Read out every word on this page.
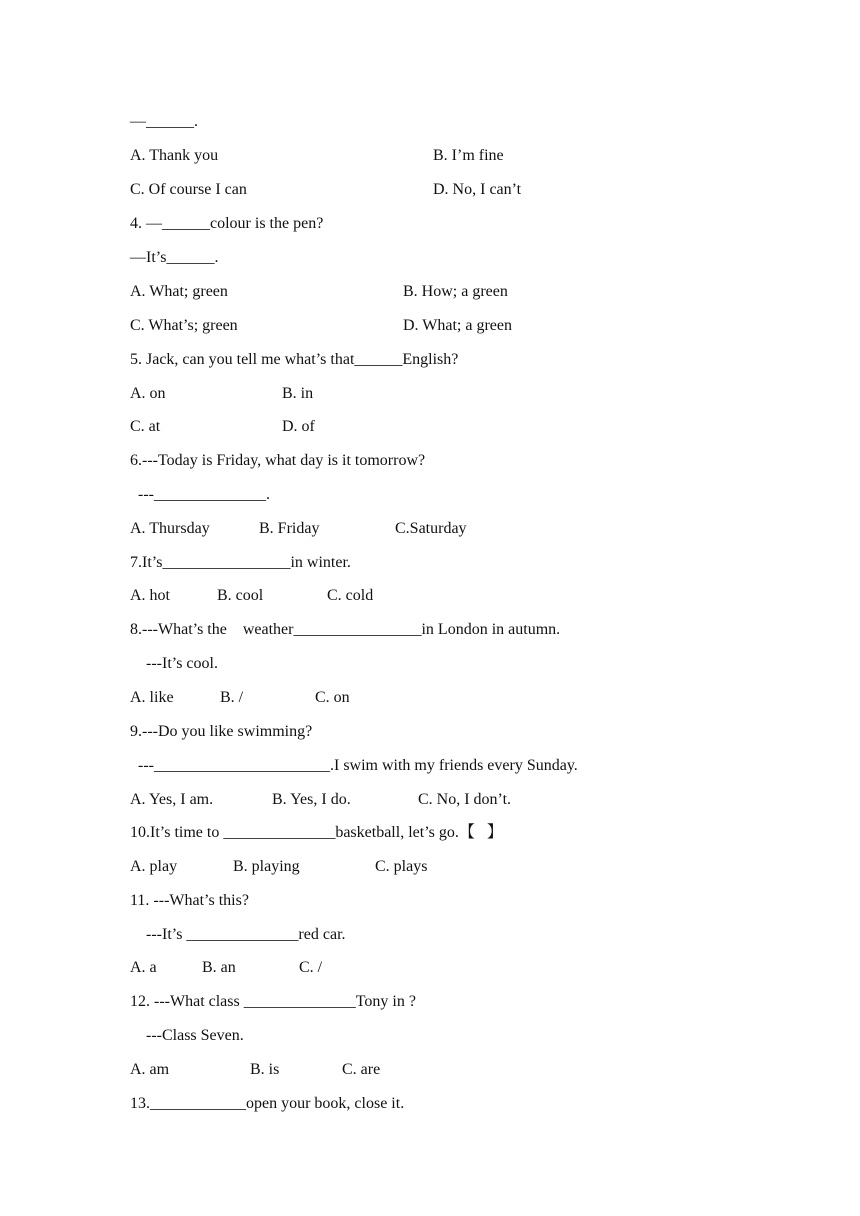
—______.
A. Thank you	B. I’m fine
C. Of course I can	D. No, I can’t
4. —______colour is the pen?
—It’s______.
A. What; green	B. How; a green
C. What’s; green	D. What; a green
5. Jack, can you tell me what’s that______English?
A. on	B. in
C. at	D. of
6.---Today is Friday, what day is it tomorrow?
---______________.
A. Thursday	B. Friday	C.Saturday
7.It’s________________in winter.
A. hot	B. cool	C. cold
8.---What’s the    weather________________in London in autumn.
---It’s cool.
A. like	B. /	C. on
9.---Do you like swimming?
---______________________.I swim with my friends every Sunday.
A. Yes, I am.	B. Yes, I do.	C. No, I don’t.
10.It’s time to ______________basketball, let’s go.【   】
A. play	B. playing	C. plays
11. ---What’s this?
---It’s ______________red car.
A. a	B. an	C. /
12. ---What class ______________Tony in ?
---Class Seven.
A. am	B. is	C. are
13.____________open your book, close it.
